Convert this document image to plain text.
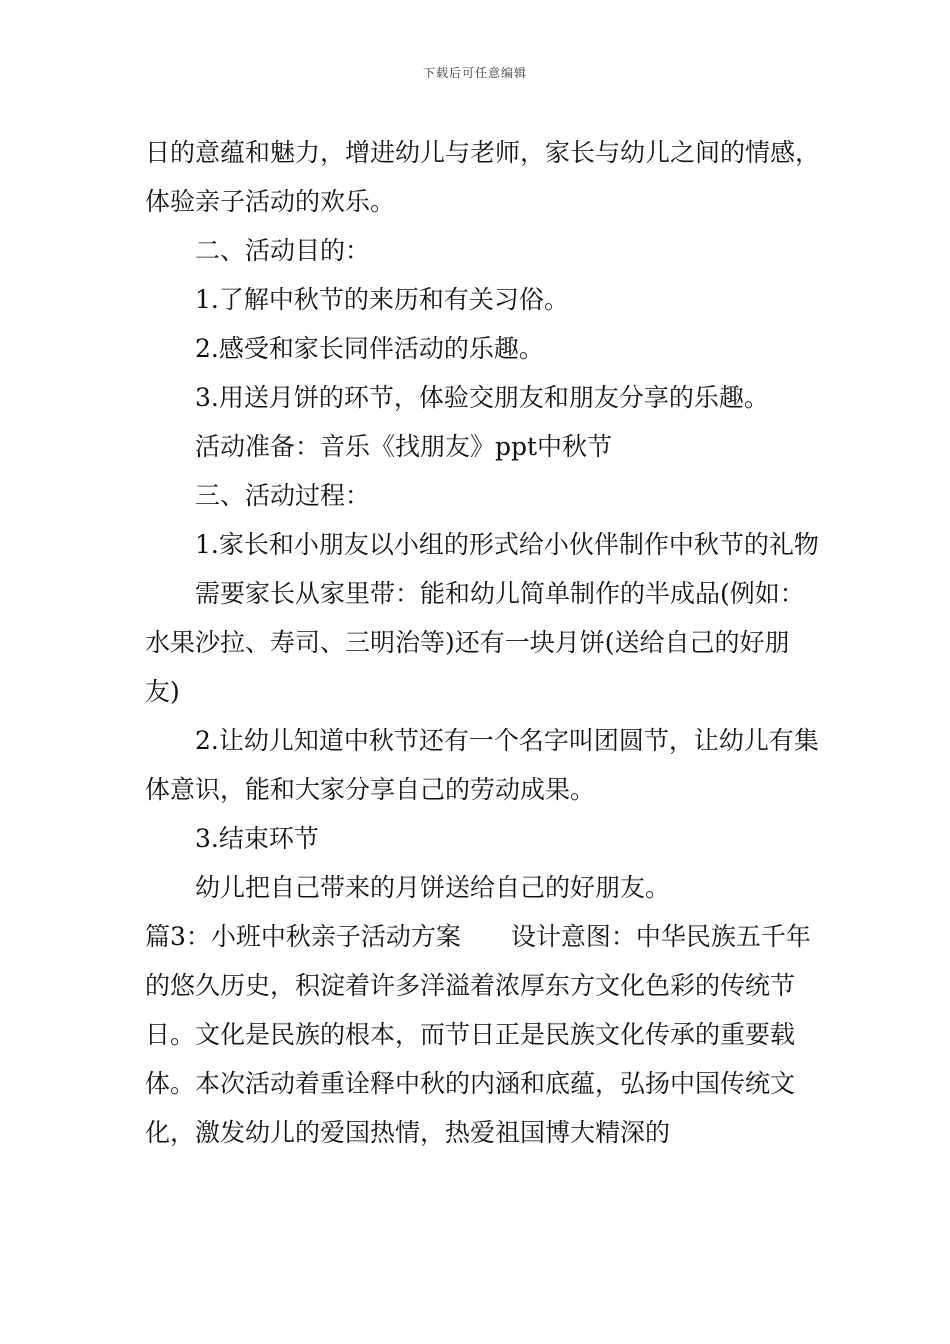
下载后可任意编辑

日的意蕴和魅力，增进幼儿与老师，家长与幼儿之间的情感，体验亲子活动的欢乐。

二、活动目的：

1.了解中秋节的来历和有关习俗。

2.感受和家长同伴活动的乐趣。

3.用送月饼的环节，体验交朋友和朋友分享的乐趣。

活动准备：音乐《找朋友》ppt中秋节

三、活动过程：

1.家长和小朋友以小组的形式给小伙伴制作中秋节的礼物

需要家长从家里带：能和幼儿简单制作的半成品(例如：水果沙拉、寿司、三明治等)还有一块月饼(送给自己的好朋友)

2.让幼儿知道中秋节还有一个名字叫团圆节，让幼儿有集体意识，能和大家分享自己的劳动成果。

3.结束环节

幼儿把自己带来的月饼送给自己的好朋友。

篇3：小班中秋亲子活动方案　　设计意图：中华民族五千年的悠久历史，积淀着许多洋溢着浓厚东方文化色彩的传统节日。文化是民族的根本，而节日正是民族文化传承的重要载体。本次活动着重诠释中秋的内涵和底蕴，弘扬中国传统文化，激发幼儿的爱国热情，热爱祖国博大精深的
